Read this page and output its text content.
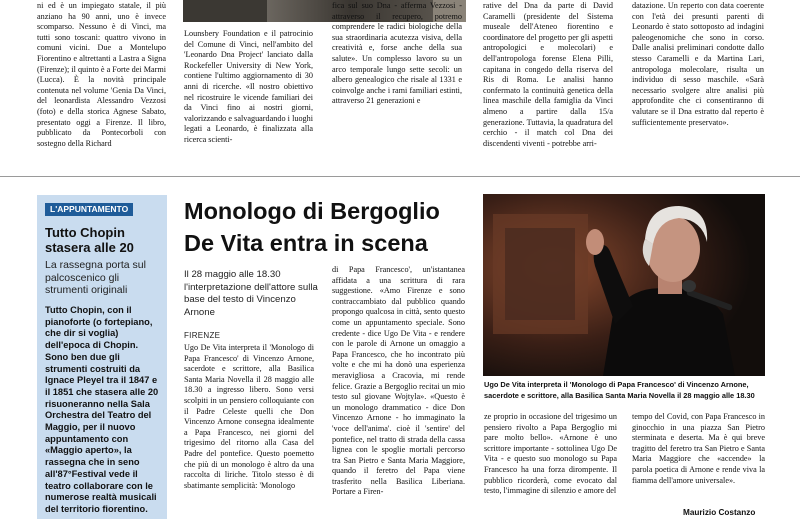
ni ed è un impiegato statale, il più anziano ha 90 anni, uno è invece scomparso. Nessuno è di Vinci, ma tutti sono toscani: quattro vivono in comuni vicini. Due a Montelupo Fiorentino e altrettanti a Lastra a Signa (Firenze); il quinto è a Forte dei Marmi (Lucca). È la novità principale contenuta nel volume 'Genia Da Vinci, del leonardista Alessandro Vezzosi (foto) e della storica Agnese Sabato, presentato oggi a Firenze. Il libro, pubblicato da Pontecorboli con sostegno della Richard

Lounsbery Foundation e il patrocinio del Comune di Vinci, nell'ambito del 'Leonardo Dna Project' lanciato dalla Rockefeller University di New York, contiene l'ultimo aggiornamento di 30 anni di ricerche. «Il nostro obiettivo nel ricostruire le vicende familiari dei da Vinci fino ai nostri giorni, valorizzando e salvaguardando i luoghi legati a Leonardo, è finalizzata alla ricerca scienti-

fica sul suo Dna - afferma Vezzosi - attraverso il recupero, potremo comprendere le radici biologiche della sua straordinaria acutezza visiva, della creatività e, forse anche della sua salute». Un complesso lavoro su un arco temporale lungo sette secoli: un albero genealogico che risale al 1331 e coinvolge anche i rami familiari estinti, attraverso 21 generazioni e

rative del Dna da parte di David Caramelli (presidente del Sistema museale dell'Ateneo fiorentino e coordinatore del progetto per gli aspetti antropologici e molecolari) e dell'antropologa forense Elena Pilli, capitana in congedo della riserva del Ris di Roma. Le analisi hanno confermato la continuità genetica della linea maschile della famiglia da Vinci almeno a partire dalla 15/a generazione. Tuttavia, la quadratura del cerchio - il match col Dna dei discendenti viventi - potrebbe arri-

datazione. Un reperto con data coerente con l'età dei presunti parenti di Leonardo è stato sottoposto ad indagini paleogenomiche che sono in corso. Dalle analisi preliminari condotte dallo stesso Caramelli e da Martina Lari, antropologa molecolare, risulta un individuo di sesso maschile. «Sarà necessario svolgere altre analisi più approfondite che ci consentiranno di valutare se il Dna estratto dal reperto è sufficientemente preservato».

L'APPUNTAMENTO
Tutto Chopin stasera alle 20
La rassegna porta sul palcoscenico gli strumenti originali
Tutto Chopin, con il pianoforte (o fortepiano, che dir si voglia) dell'epoca di Chopin. Sono ben due gli strumenti costruiti da Ignace Pleyel tra il 1847 e il 1851 che stasera alle 20 risuoneranno nella Sala Orchestra del Teatro del Maggio, per il nuovo appuntamento con «Maggio aperto», la rassegna che in seno all'87°Festival vede il teatro collaborare con le numerose realtà musicali del territorio fiorentino.
Monologo di Bergoglio
De Vita entra in scena
Il 28 maggio alle 18.30 l'interpretazione dell'attore sulla base del testo di Vincenzo Arnone
FIRENZE

Ugo De Vita interpreta il 'Monologo di Papa Francesco' di Vincenzo Arnone, sacerdote e scrittore, alla Basilica Santa Maria Novella il 28 maggio alle 18.30 a ingresso libero. Sono versi scolpiti in un pensiero colloquiante con il Padre Celeste quelli che Don Vincenzo Arnone consegna idealmente a Papa Francesco, nei giorni del trigesimo del ritorno alla Casa del Padre del pontefice. Questo poemetto che più di un monologo è altro da una raccolta di liriche. Titolo stesso è di sbatimante semplicità: 'Monologo

di Papa Francesco', un'istantanea affidata a una scrittura di rara suggestione. «Amo Firenze e sono contraccambiato dal pubblico quando propongo qualcosa in città, sento questo come un appuntamento speciale. Sono credente - dice Ugo De Vita - e rendere con le parole di Arnone un omaggio a Papa Francesco, che ho incontrato più volte e che mi ha donò una esperienza meravigliosa a Cracovia, mi rende felice. Grazie a Bergoglio recitai un mio testo sul giovane Wojtyla». «Questo è un monologo drammatico - dice Don Vincenzo Arnone - ho immaginato la 'voce dell'anima'. cioè il 'sentire' del pontefice, nel tratto di strada della cassa lignea con le spoglie mortali percorso tra San Pietro e Santa Maria Maggiore, quando il feretro del Papa viene trasferito nella Basilica Liberiana. Portare a Firen-

ze proprio in occasione del trigesimo un pensiero rivolto a Papa Bergoglio mi pare molto bello». «Arnone è uno scrittore importante - sottolinea Ugo De Vita - e questo suo monologo su Papa Francesco ha una forza dirompente. Il pubblico ricorderà, come evocato dal testo, l'immagine di silenzio e amore del

tempo del Covid, con Papa Francesco in ginocchio in una piazza San Pietro sterminata e deserta. Ma è qui breve tragitto del feretro tra San Pietro e Santa Maria Maggiore che «accende» la parola poetica di Arnone e rende viva la fiamma dell'amore universale».

Ugo De Vita interpreta il 'Monologo di Papa Francesco' di Vincenzo Arnone, sacerdote e scrittore, alla Basilica Santa Maria Novella il 28 maggio alle 18.30
Maurizio Costanzo
